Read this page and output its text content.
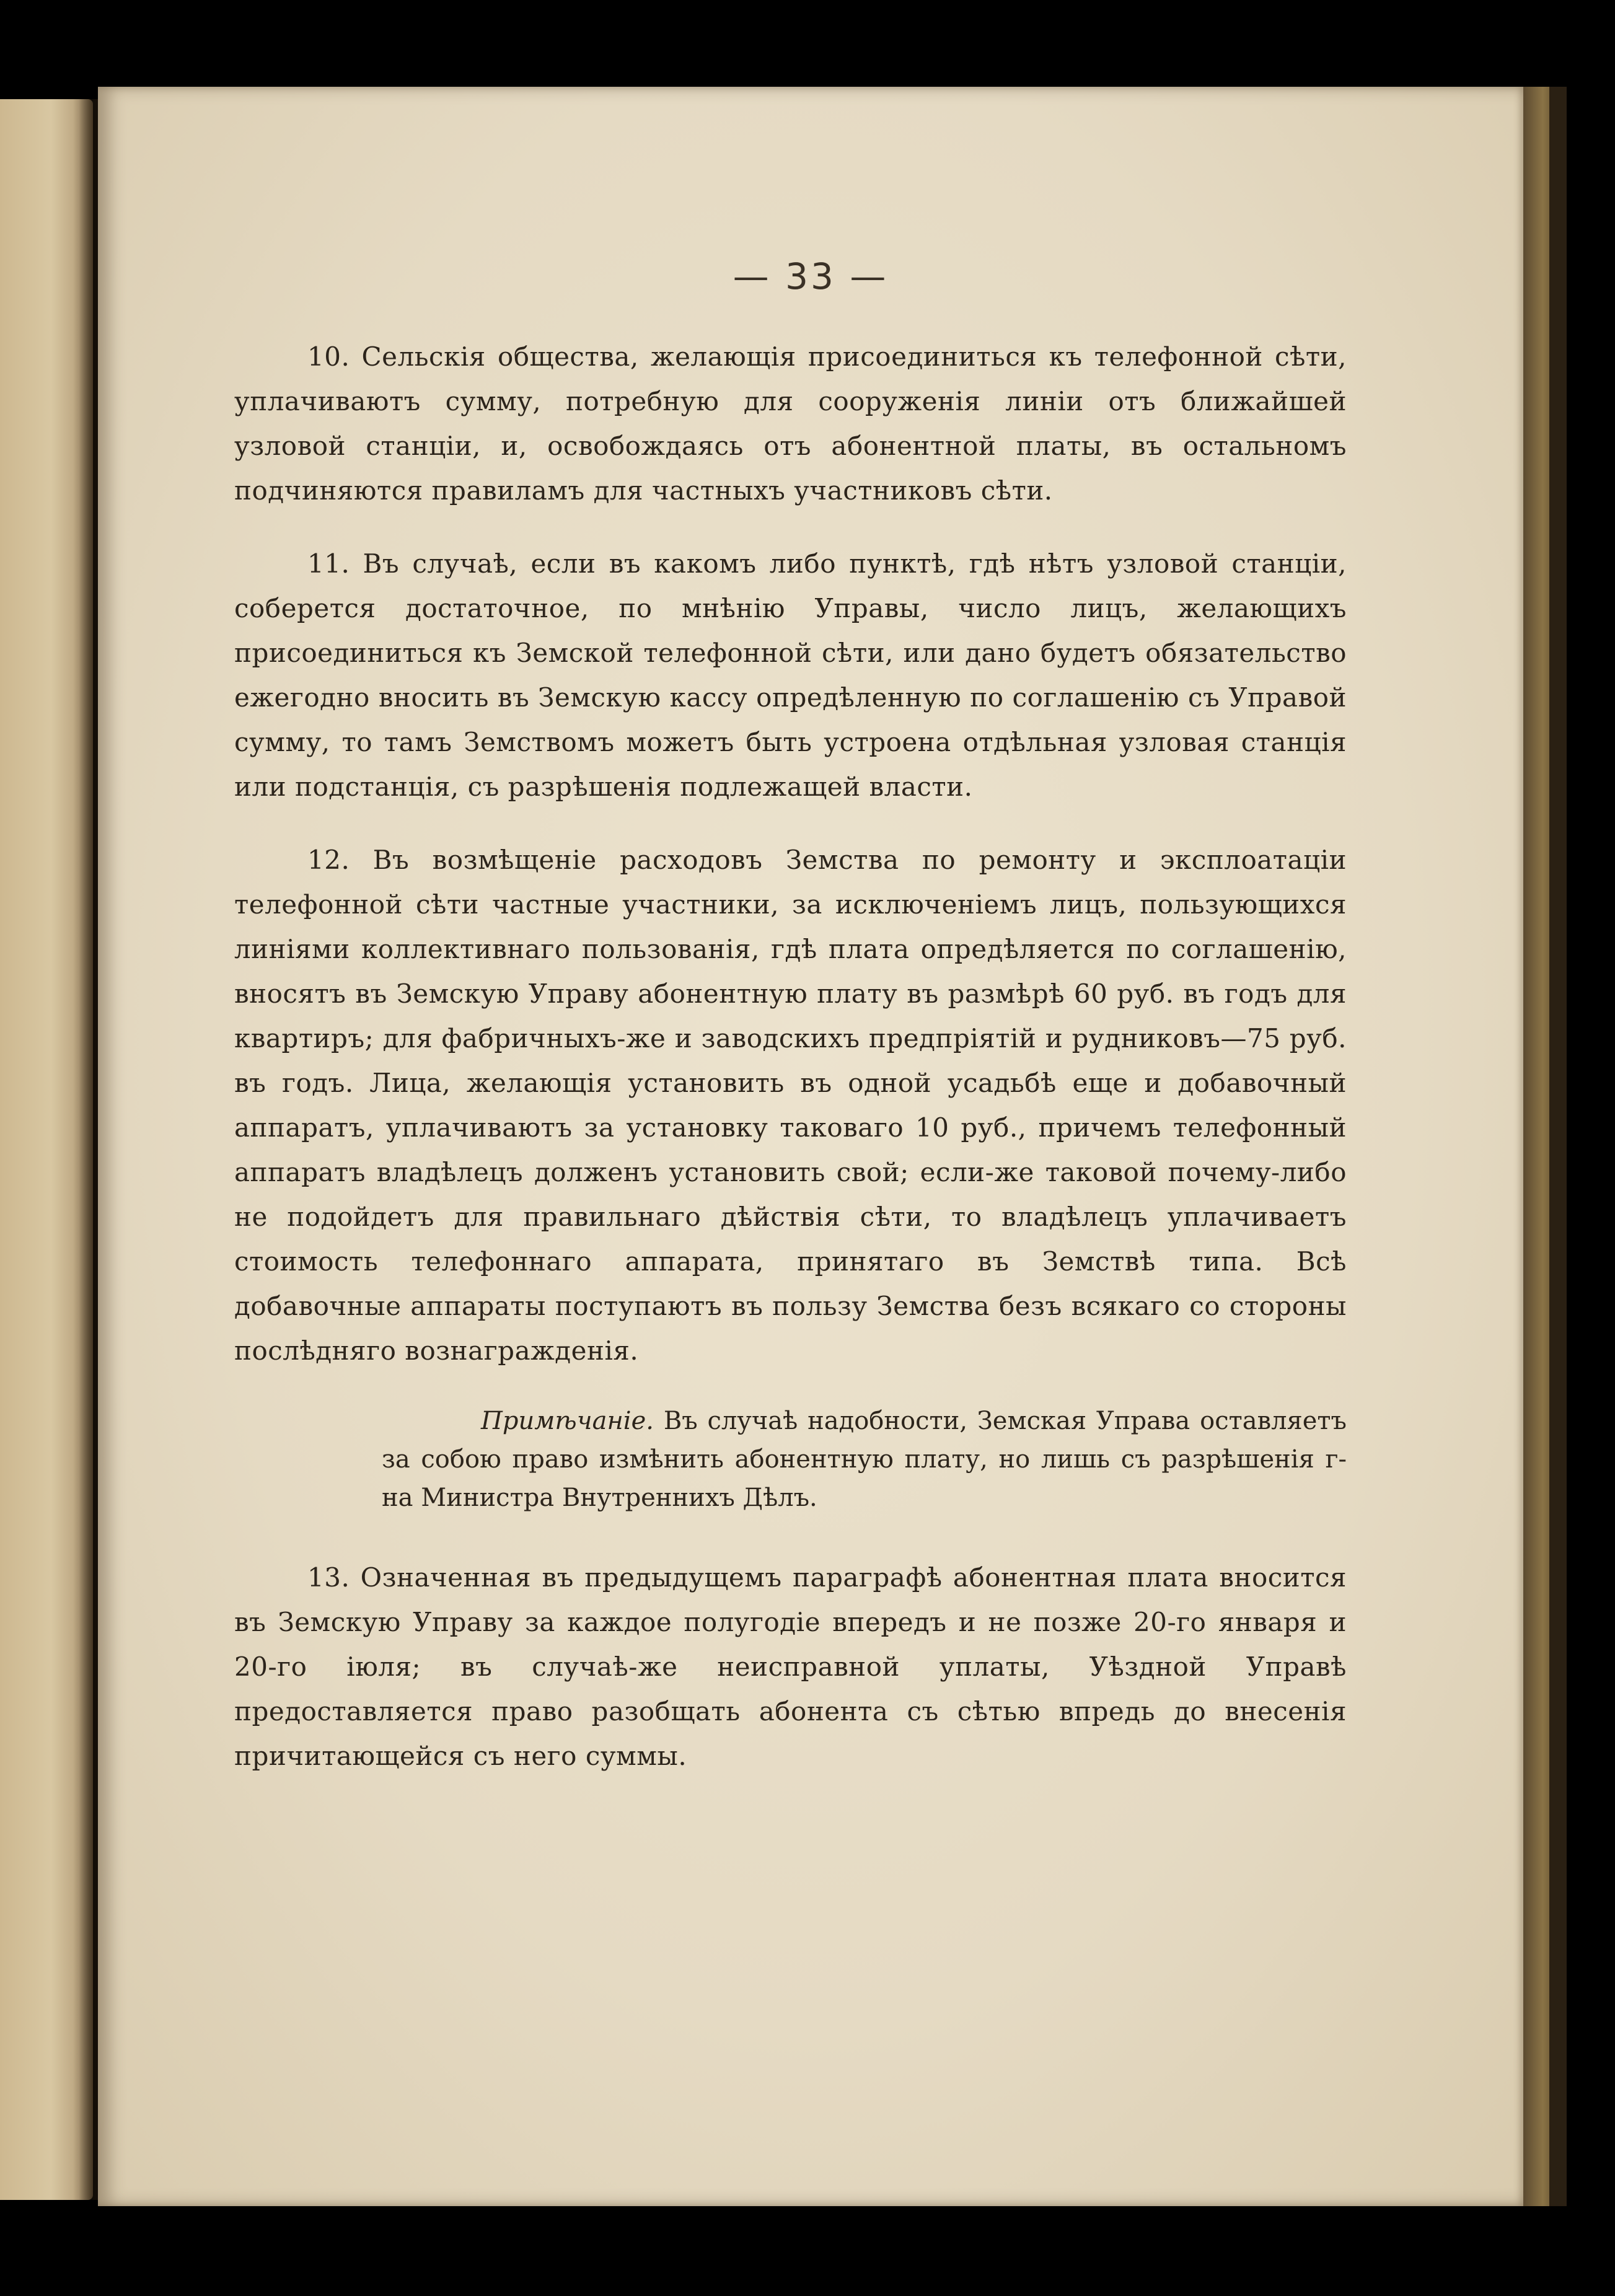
— 33 —

10. Сельскія общества, желающія присоединиться къ телефонной сѣти, уплачиваютъ сумму, потребную для сооруженія линіи отъ ближайшей узловой станціи, и, освобождаясь отъ абонентной платы, въ остальномъ подчиняются правиламъ для частныхъ участниковъ сѣти.

11. Въ случаѣ, если въ какомъ либо пунктѣ, гдѣ нѣтъ узловой станціи, соберется достаточное, по мнѣнію Управы, число лицъ, желающихъ присоединиться къ Земской телефонной сѣти, или дано будетъ обязательство ежегодно вносить въ Земскую кассу опредѣленную по соглашенію съ Управой сумму, то тамъ Земствомъ можетъ быть устроена отдѣльная узловая станція или подстанція, съ разрѣшенія подлежащей власти.

12. Въ возмѣщеніе расходовъ Земства по ремонту и эксплоатаціи телефонной сѣти частные участники, за исключеніемъ лицъ, пользующихся линіями коллективнаго пользованія, гдѣ плата опредѣляется по соглашенію, вносятъ въ Земскую Управу абонентную плату въ размѣрѣ 60 руб. въ годъ для квартиръ; для фабричныхъ-же и заводскихъ предпріятій и рудниковъ—75 руб. въ годъ. Лица, желающія установить въ одной усадьбѣ еще и добавочный аппаратъ, уплачиваютъ за установку таковаго 10 руб., причемъ телефонный аппаратъ владѣлецъ долженъ установить свой; если-же таковой почему-либо не подойдетъ для правильнаго дѣйствія сѣти, то владѣлецъ уплачиваетъ стоимость телефоннаго аппарата, принятаго въ Земствѣ типа. Всѣ добавочные аппараты поступаютъ въ пользу Земства безъ всякаго со стороны послѣдняго вознагражденія.

Примѣчаніе. Въ случаѣ надобности, Земская Управа оставляетъ за собою право измѣнить абонентную плату, но лишь съ разрѣшенія г-на Министра Внутреннихъ Дѣлъ.

13. Означенная въ предыдущемъ параграфѣ абонентная плата вносится въ Земскую Управу за каждое полугодіе впередъ и не позже 20-го января и 20-го іюля; въ случаѣ-же неисправной уплаты, Уѣздной Управѣ предоставляется право разобщать абонента съ сѣтью впредь до внесенія причитающейся съ него суммы.
